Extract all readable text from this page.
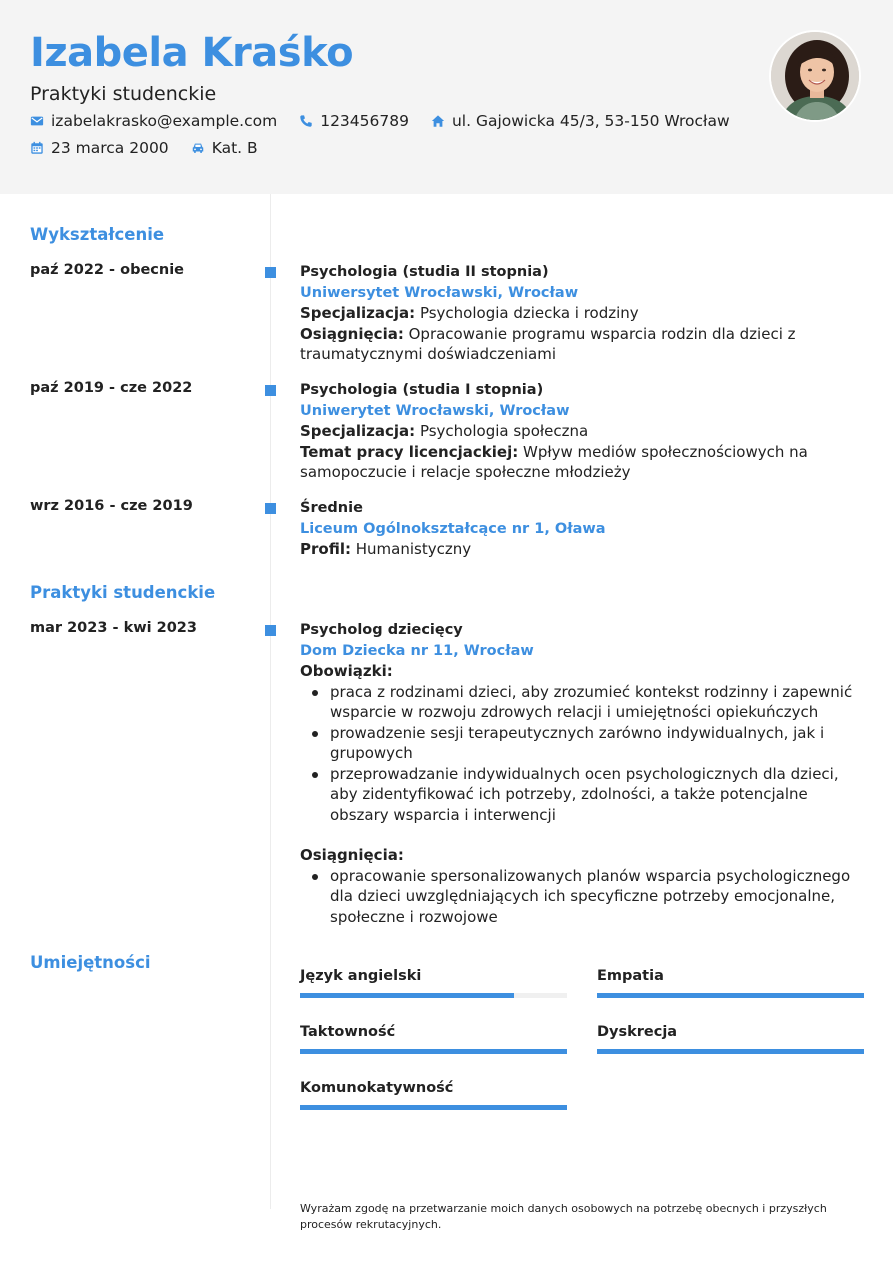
Izabela Kraśko
Praktyki studenckie
izabelakrasko@example.com	123456789	ul. Gajowicka 45/3, 53-150 Wrocław
23 marca 2000	Kat. B
Wykształcenie
paź 2022 - obecnie	Psychologia (studia II stopnia)
Uniwersytet Wrocławski, Wrocław
Specjalizacja: Psychologia dziecka i rodziny
Osiągnięcia: Opracowanie programu wsparcia rodzin dla dzieci z traumatycznymi doświadczeniami
paź 2019 - cze 2022	Psychologia (studia I stopnia)
Uniwerytet Wrocławski, Wrocław
Specjalizacja: Psychologia społeczna
Temat pracy licencjackiej: Wpływ mediów społecznościowych na samopoczucie i relacje społeczne młodzieży
wrz 2016 - cze 2019	Średnie
Liceum Ogólnokształcące nr 1, Oława
Profil: Humanistyczny
Praktyki studenckie
mar 2023 - kwi 2023	Psycholog dziecięcy
Dom Dziecka nr 11, Wrocław
Obowiązki:
praca z rodzinami dzieci, aby zrozumieć kontekst rodzinny i zapewnić wsparcie w rozwoju zdrowych relacji i umiejętności opiekuńczych
prowadzenie sesji terapeutycznych zarówno indywidualnych, jak i grupowych
przeprowadzanie indywidualnych ocen psychologicznych dla dzieci, aby zidentyfikować ich potrzeby, zdolności, a także potencjalne obszary wsparcia i interwencji
Osiągnięcia:
opracowanie spersonalizowanych planów wsparcia psychologicznego dla dzieci uwzględniających ich specyficzne potrzeby emocjonalne, społeczne i rozwojowe
Umiejętności
Język angielski	Empatia
Taktowność	Dyskrecja
Komunokatywność
Wyrażam zgodę na przetwarzanie moich danych osobowych na potrzebę obecnych i przyszłych procesów rekrutacyjnych.
